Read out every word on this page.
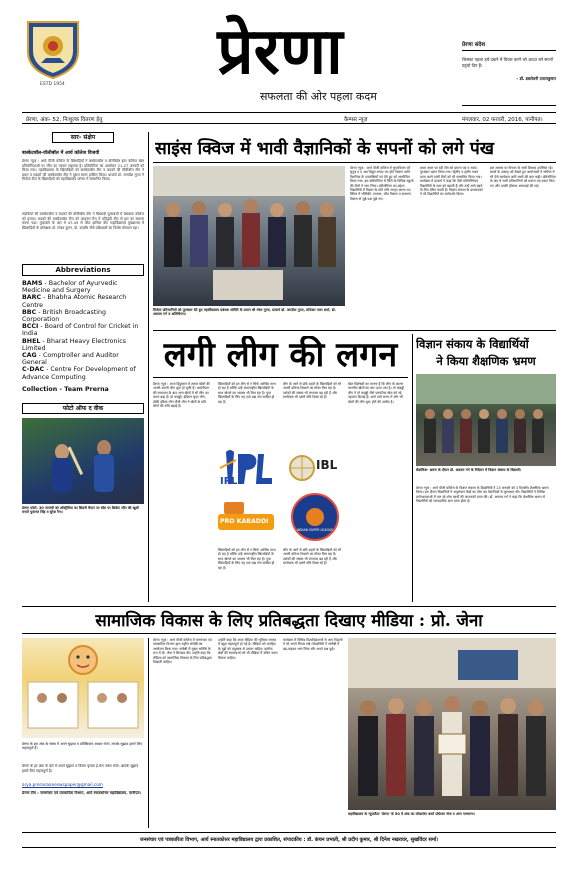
ESTD 1954	प्रेरणा
सफलता की ओर पहला कदम
प्रेरणा संदेश
जिसका पहला हर्ष दबाने में विचार करने को आदत बने सपनों पहुंचो दिन हैं।
- डॉ. डबलेवनी दयालकुमार
प्रेरणा, अंक- 52, निःशुल्क वितरण हेतु	कैम्पस न्यूज़	मंगलवार, 02 फरवरी, 2016, पानीपत।
सार- संक्षेप
बास्केटबॉल-वॉलीबॉल में आर्य कॉलेज विजयी
प्रेरणा न्यूज़ : आर्य पीजी कॉलेज के खिलाड़ियों ने बास्केटबॉल व वॉलीबॉल इंटर कॉलेज खेल प्रतियोगिताओं पर जीत का परचम लहराया है। प्रतियोगिता का आयोजन 21-27 जनवरी को किया गया। महाविद्यालय के खिलाड़ियों को बास्केटबॉल टीम व लड़कों की वॉलीबॉल टीम ने प्रथम व लड़कों की बास्केटबॉल टीम ने दूसरा स्थान हासिल किया। प्राचार्य डॉ. जगदीश गुप्ता ने विजेता टीम के खिलाड़ियों को महाविद्यालय प्रांगण में सम्मानित किया।
लड़कियों की बास्केटबॉल व लड़कों की वॉलीबॉल टीम ने खिलाड़ी मुकाबलों में प्रेसबाक कॉलेज को हराया। लड़कों की बास्केटबॉल टीम को फाइनल मैच में प्रतिद्वंदी टीम से हार का सामना करना पड़ा। मुकाबले के अंत में 47-45 से जीत हासिल की। महाविद्यालय मुख्यालय में खिलाड़ियों के प्रशिक्षक डॉ. संजय दूग्गर, प्रो. दलबीर जैसे प्रशिक्षकों का विशेष योगदान रहा।
Abbreviations
BAMS - Bachelor of Ayurvedic Medicine and Surgery
BARC - Bhabha Atomic Research Centre
BBC - British Broadcasting Corporation
BCCI - Board of Control for Cricket in India
BHEL - Bharat Heavy Electronics Limited
CAG - Comptroller and Auditor General
C-DAC - Centre For Development of Advance Computing
Collection - Team Prerna
फोटो ऑफ द वीक
प्रेरणा फोटो: 30 जनवरी को ऑस्ट्रेलिया का सिडनी मैदान पर बॉल पर क्रिकेट जीत की खुशी मनाते युवराज सिंह व सुरेश रैना।
साइंस क्विज में भावी वैज्ञानिकों के सपनों को लगे पंख
विजेता प्रतिभागियों को पुरस्कार देते हुए महाविद्यालय प्रबंधक समिति के प्रधान श्री रमेश गुप्ता, प्राचार्य डॉ. जगदीश गुप्ता, प्रोफेसर पवन शर्मा, डॉ. अवतार गर्ग व अतिथिगण।
प्रेरणा न्यूज़ : आर्य पीजी कॉलेज में सुपरविजन कॉ सुपुत्र व ए अब विद्युत लगाए गए होते विज्ञान भावि वैज्ञानिक के उपलब्धियाँ एवं देते हुए को आयोजित किया गया। इस प्रतियोगिता में जिले के विभिन्न स्कूलों की टीमों ने भाग लिया। प्रतियोगिता का उद्देश्य विद्यार्थियों में विज्ञान के प्रति रुचि जागृत करना था। क्विज में भौतिकी, रसायन, जीव विज्ञान व सामान्य विज्ञान से जुड़े प्रश्न पूछे गए।
प्रथम स्थान पर रहीं टीम को प्रमाण पत्र व नकद पुरस्कार प्रदान किया गया। द्वितीय व तृतीय स्थान प्राप्त करने वाली टीमों को भी सम्मानित किया गया। कार्यक्रम में प्राचार्य ने कहा कि ऐसी प्रतियोगिताएं विद्यार्थियों के ज्ञान को बढ़ाती हैं और उन्हें आगे बढ़ने के लिए प्रेरित करती हैं। विज्ञान संकाय के प्राध्यापकों ने भी विद्यार्थियों का मार्गदर्शन किया।
इस अवसर पर विभाग के सभी शिक्षक उपस्थित रहे। बच्चों के उत्साह को देखते हुए आयोजकों ने भविष्य में भी ऐसे कार्यक्रम जारी रखने की बात कही। प्रतियोगिता के अंत में सभी प्रतिभागियों को प्रमाण पत्र प्रदान किए गए और उनकी हौसला अफजाई की गई।
लगी लीग की लगन
प्रेरणा न्यूज़ : आज हिंदुस्तान में तमाम खेलों की अपनी-अपनी लीग शुरू हो चुकी हैं। आईपीएल की सफलता के बाद अन्य खेलों में भी लीग का चलन बढ़ा है। प्रो कबड्डी, इंडियन सुपर लीग, हॉकी इंडिया लीग जैसी लीग ने खेलों के प्रति लोगों की रुचि बढ़ाई है।
खिलाड़ियों को इन लीग से न सिर्फ आर्थिक लाभ हो रहा है बल्कि उन्हें अंतरराष्ट्रीय खिलाड़ियों के साथ खेलने का अवसर भी मिल रहा है। युवा खिलाड़ियों के लिए यह एक बड़ा मंच साबित हो रहा है।
लीग के आने से छोटे शहरों के खिलाड़ियों को भी अपनी प्रतिभा दिखाने का मौका मिल रहा है। दर्शकों की संख्या भी लगातार बढ़ रही है और प्रायोजक भी इसमें रुचि दिखा रहे हैं।
खेल विशेषज्ञों का मानना है कि लीग के कारण भारतीय खेलों का स्तर ऊपर उठा है। प्रो कबड्डी लीग ने तो कबड्डी जैसे पारंपरिक खेल को नई पहचान दिलाई है। आने वाले समय में और भी खेलों की लीग शुरू होने की उम्मीद है।
IPL
IBL
PRO KABADDI
INDIAN SUPER LEAGUE
खिलाड़ियों को इन लीग से न सिर्फ आर्थिक लाभ हो रहा है बल्कि उन्हें अंतरराष्ट्रीय खिलाड़ियों के साथ खेलने का अवसर भी मिल रहा है। युवा खिलाड़ियों के लिए यह एक बड़ा मंच साबित हो रहा है।
लीग के आने से छोटे शहरों के खिलाड़ियों को भी अपनी प्रतिभा दिखाने का मौका मिल रहा है। दर्शकों की संख्या भी लगातार बढ़ रही है और प्रायोजक भी इसमें रुचि दिखा रहे हैं।
विज्ञान संकाय के विद्यार्थियों
ने किया शैक्षणिक भ्रमण
शैक्षणिक- भ्रमण के दौरान डॉ. अवतार गर्ग के निर्देशन में विज्ञान संकाय के विद्यार्थी।
प्रेरणा न्यूज़ : आर्य पीजी कॉलेज के विज्ञान संकाय के विद्यार्थियों ने 23 जनवरी को 3 दिवसीय शैक्षणिक भ्रमण किया। इस दौरान विद्यार्थियों ने अनुसंधान केंद्रों का दौरा कर वैज्ञानिकों से मुलाकात की। विद्यार्थियों ने विभिन्न प्रयोगशालाओं में चल रहे शोध कार्यों की जानकारी प्राप्त की। डॉ. अवतार गर्ग ने कहा कि शैक्षणिक भ्रमण से विद्यार्थियों को व्यावहारिक ज्ञान प्राप्त होता है।
सामाजिक विकास के लिए प्रतिबद्धता दिखाए मीडिया : प्रो. जेना
प्रेरणा के इस अंक के संबंध में अपने सुझाव व प्रतिक्रियाएं अवश्य भेजें। आपके सुझाव हमारे लिए महत्वपूर्ण हैं।
प्रेरणा के हर अंक के बारे में अपने सुझाव व विचार कृपया ई-मेल जरूर भेजें। आपके सुझाव हमारे लिए महत्वपूर्ण हैं।
arya.preranaaneswspaper@gmail.com
प्रेरणा टीम : जनसंचार एवं पत्रकारिता विभाग, आर्य स्नातकोत्तर महाविद्यालय, पानीपत।
प्रेरणा न्यूज़ : आर्य पीजी कॉलेज में जनसंचार एवं पत्रकारिता विभाग द्वारा राष्ट्रीय संगोष्ठी का आयोजन किया गया। संगोष्ठी में मुख्य अतिथि के रूप में प्रो. जेना ने शिरकत की। उन्होंने कहा कि मीडिया को सामाजिक विकास के लिए प्रतिबद्धता दिखानी चाहिए।
उन्होंने कहा कि आज मीडिया की भूमिका समाज में बहुत महत्वपूर्ण हो गई है। मीडिया को जनहित के मुद्दों को प्रमुखता से उठाना चाहिए। ग्रामीण क्षेत्रों की समस्याओं को भी मीडिया में उचित स्थान मिलना चाहिए।
कार्यक्रम में विभिन्न विश्वविद्यालयों से आए विद्वानों ने भी अपने विचार रखे। विद्यार्थियों ने संगोष्ठी में बढ़-चढ़कर भाग लिया और अपने प्रश्न पूछे।
महाविद्यालय के न्यूजलैटर 'प्रेरणा' के 50 वें अंक का लोकार्पण करते प्रोफेसर जेना व अन्य गणमान्य।
जनसंचार एवं पत्रकारिता विभाग, आर्य स्नातकोत्तर महाविद्यालय द्वारा प्रकाशित, संपादकीय : डॉ. कंचन प्रभाती, श्री प्रदीप कुमार, श्री दिनेश नखरावर, सुखविंदर सर्मा।
